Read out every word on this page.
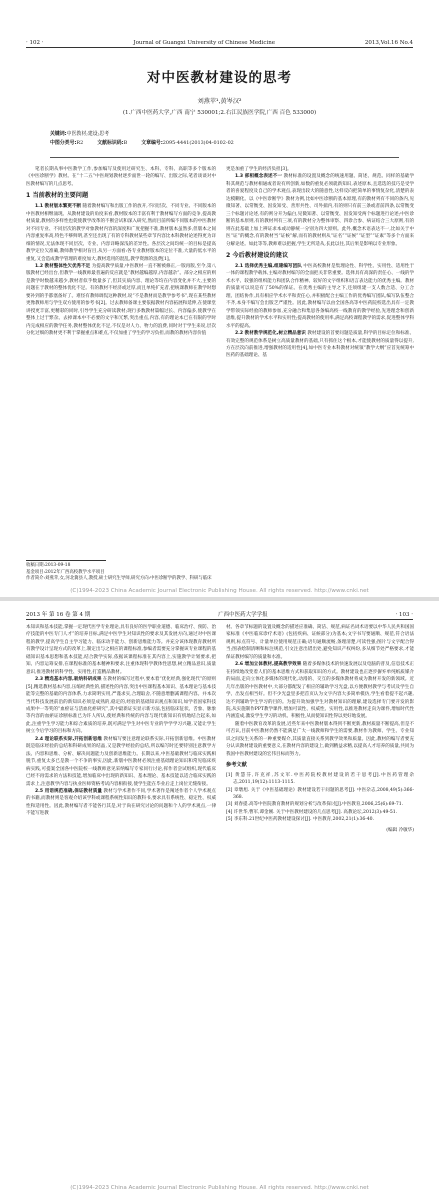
· 102 ·	Journal of Guangxi University of Chinese Medicine	2013,Vol.16 No.4
对中医教材建设的思考
刘燕苹¹,黄岑汉²
(1.广西中医药大学,广西 南宁 530001;2.右江民族医学院,广西 百色 533000)
关键词:中医教材;建设;思考
中图分类号:R2	文献标识码:B	文章编号:2095-4441(2013)04-0102-02

笔者长期从事中医教学工作,参加编写及使用过研究生、本科、专科、高职等多个版本的《中医诊断学》教材。在“十二五”中医规划教材逐步面世一轮的编写、出版之际,笔者谈谈对中医教材编写的几点思考。

1 当前教材的主要问题

1.1 教材版本繁更不断 随着教材编写和出版工作的放开,不同层次、不同专业、不同版本的中医教材相继涌现。从教材建设的角度来看,教材版本的丰富有利于教材编写方面的竞争,提高教材质量,教材的多样性也促使教学改革的不断尝试和深入研究,然而目前所编不同版本的中医教材对不同专业、不同层次的教学对象教材内容的深度和广度把握不准,教材版本虽然多,但版本之间内容重复率高,特色不够鲜明,甚至还出现了有的专科教材某些章节内容比本科教材论述得更为详细的情况,无法体现不同层次、专业、内容详略深浅的差异性。各层次之间均统一的目标是提高教学定位欠准确,教师教学相对盲目,从另一方面看:各专业教材版本的定位不准,大量的低水平的重复,又会造成教学管理的难度加大,教材选用的混乱,教学资源的浪费[1]。

1.2 教材整体性欠优秀不足 为提高教学质量,中医教材一直不断被修正,一版再版,至今,第八版教材已经出台,但教学一线教师最普遍的反应就是“教材越编越厚,内容越杂”。部分之相应的则是教学时数越来越少,教材者似乎数量多了,但其实质内容、理论等均在内容变化并不大,主要的问题在于教材的整体优化不足。有的教材不经济或过厚,而且单纯扩充者,把统课教师在教学时想要补到的手都塞备好了。难怪有教师调侃这种教材,说“不是教材而是教学参考书”,现在某些教材更像教师用与学生双方使用的参考书[2]。过去教师备课主要依据教材内容拓展和延伸,在使课堂讲授更丰富,更精彩的同时,引导学生充分研读教材;现行多数教材篇幅过长、内容偏多,使教学在整体上过于繁杂。去掉课本中不必要的文字和冗繁,突出重点,内容,有的理论本已在有限的学时内完成相应的教学任务,教材整体优化不足,不仅是对人力、物力的浪费,同时对于学生来说,层次分化过细的教材更不利于掌握重点和难点,不仅加重了学生的学习负担,而教的教材内容价值

更是加重了学生的经济负担[3]。

1.3 部相概念表述不一 教材标准的设置及概念的统速用题、简述、规范。同样的基础学科其规范与教材相通或者说有所创新,如数的重复必须就新知识,表述原本,且选选的技巧是受学者的喜爱程度及自己的学术观点,表现出较大的随意性,这样反向把简单的事情复杂化,清楚的表达模糊化。以《中医诊断学》教材为例,比如中医诊断的基本原理,有的教材列有不同的条内,见微知著、以常衡变、因发知受、善形共性、司外揣内,有的则只有前三条或者前四条,以常衡变三个标题讨论述,有的则分开为偏白,见微知著、以常衡变、因发知受两个标题进行论述;中医诊断的基本原则,有的教材列有三项,有的教材分为整体审察、四诊合参、病证结合三大原则,有的则在此基础上加上辨证求本或动静统一分别为四大原则。此外,概念术语表达不一,比如关于中医“证”的概念,有的教材当“证候”解,而有的教材则从“证名”“证候”“证型”“证素”等多个方面来分解论述。如此等等,教师难以把握,学生无所适从,长此以往,其后果是影响以专业形象。

2 今后教材建设的建议

2.1 选择优秀主编,组建编写团队 中医高校教材是集理论性、科学性、实用性、适用性于一体的课程教学载体,主编对教材编写的全面把关非常重要。选择具有高深的责任心、一线的学术水平、较强的组织能力和团队合作精神、较好的文字组织和语言表达能力的优秀主编。教材的质量可以说是有了50%的保证。在优秀主编的主导之下,还须组建一支人数合适、分工合理、团结协作,具有相应学术水平和责任心,并积极配合主编工作的优秀编写团队,编写队伍整合不齐,本身不编写会出版乏严谨性。因此,教材编写以由全国各高等中医药院校选出具有一定教学带领实际经验的教师参加,充分融合和集思各条编高校一线教育的教学经验,先进理念和创新思维,提升教材的学术水平和实用性;提高教材的使用率,满足高校课程教学的需求,促进整体学科水平的提高。

2.2 教材教学规范化,树立精品意识 教材建设的首要问题是质量,科学的目标定位和标准、有效完整的规范体系是树立高质量教材的基础,只有抓住这个根本,才能使教材的质量得以提升,方在层次向前推进,增强教材的适用性[4],如中医专业本科教材对统领“教学大纲”应首先统筹中医药的基础理论、基

收稿日期:2013-09-18
基金项目:2012年广西高校教学水平项目
作者简介:刘燕苹,女,河北冀县人,教授,硕士研究生导师,研究方向:中医诊断学的教学、科研与临床
(C)1994-2023 China Academic Journal Electronic Publishing House. All rights reserved. http://www.cnki.net
2013 年 第 16 卷 第 4 期	广西中医药大学学报	· 103 ·

本知识和基本技能,掌握一定现代医学专业理论,具有良好的医学职业道德、临床治疗、预防、治疗技能的中医专门人才”的培养目标,满足中医学生对知识性的要求及其发展方向,通过对中医课程的教学,提高学生自主学习能力、临床动手能力、创新思维能力等。并充分该体现教育教材所有教学设计呈现方式的改革上,制定出与之相应的课程标准,参编者需要充分掌握该专业课程的基础知识基本思想和基本技能,结合教学实际,依据该课程标准在其内容上,实施教学计划要求,把知、内容运筹安排,在课程标准的基本精神和要求,注重体现科学教体性思想,树立精品意识,质量意识,推进教材的科学性、实用性,打造精品教材。

2.3 精选基本内容,吸纳科研成果 在教材的编写过程中,要本着“优化经典,强化现代”的原则[5],精选教材基本内容,压缩经典性的,描述性的内容,突出中医课程基本知识、基本理论与基本技能等完整的基础的内容体系,力求简明实用,严谨求实,合理取舍,不随意增删减课程内容。并本次当代科技发展前沿的新知识必须是成熟的,稳定的,经验的基础知识观点和知识,如学者国家科技成果中一等奖的“血瘀证与活血化瘀研究”,其中最新证实显示新方法,包括临床征状、舌象、脉象等内容的血瘀证诊断标准已为许人所认,使经典和传统的内容与现代新知识有机地结合起来,如此,注重学生学习能力和综合素质的培养,既可满足学生对中医专业的学学学习兴趣,又能让学生树立今后学习的目标和方向。

2.4 理论联系实际,开拓创新思维 教材编写要注意理论联系实际,开拓创新思维。中医教材既是临床经验的总结和科研成果的结晶,又是教学经验的总结,所以编写时还要特别注意教学方法、内容和思维、分析、解决问题能力及创新思维能力。长期以来,中医基础教材与临床实践相脱节,重复太多已是教一个不争的事实,因此,新版中医教材必须注重基础理论知识和常见临床疾病实践,可提案全国各中医院校一线教师意见采纳编写专家同行讨论,挥作者尝试组织,现代临床已经不再需求的方法和技能,增加临床中出现的新知识、基本理论、基本技能以适合临床实践的需求上,注意教学内容与执业医师资格考试内容相衔接,使学生能在毕业后走上岗位无缝衔接。

2.5 用语规范准确,保证教材质量 教材与学术著作不同,学术著作是阐述作者个人学术观点的书籍,而教材则是客观介绍该学科或课程系统性知识的教科书,要求具有系统性、稳定性、权威性和适用性。因此,教材编写者不能各行其是,对于尚在研究讨论的问题和个人的学术观点,一律不能写进教

材。各章节标题的设置及概念的描述应准确、简洁、规范,病证名词术语要以中华人民共和国国家标准《中医临床诊疗术语》(包括疾病、证候部分)为基本;文字书写要通顺、规范,符合语法规则,标点符号、计量单位使用规范正确;语句通顺流畅,条理清楚,可读性强;图片与文字配合得当;图表绘制清晰和标注规范,引文注意出错出处,避免知识产权纠纷,多从细节处严格要求,才能保证教材编写的质量和水准。

2.6 增加立体教材,提高教学效果 随着多媒体技术的快速发展以及电脑的普及,信息技术正在持续地改变着人们的基本思维方式和获取知识的方式。教材建设也正逐步摒弃单纯纸质媒介的局面,走向立体化多媒体的现代化,动漫的、交互的多媒体教材将成为教材开发的新领域。近几年出版的中医教材中,大部分都配发了相应的辅助学习光盘,以方便教材教学与考试及学生自学、出发点相当好。但不少光盘里多把首页认为文字内容大多简单模仿,学生看着提不起兴趣,达不到辅助学生学习的目的。为提升效加强学生对教材知识的理解,建设选择专门要开发的影院,从实施制作PPT教学课件,增加可读性、权威性、实用性,以推进教材走向为课件,增加时代性内涵造成,激发学生学习的动机、积极性,从而使知识性得以更好地发展。

随着中医教育改革的发展,近些年来中医教材版本得到不断更新,教材质量不断提高,但是不可否认,目前中医教材仍然不能满足广大一线教师和学生的需要,教材作为教师、学生、专业知识之间发生关系的一种重要媒介,其质量直接关系到教学效果和质量。因此,教材的编写者要充分认识教材建设的重要意义,在教材内容的建设上,做到精益求精,以提高人才培养的质量,共同为我国中医教材建设的宏伟目标而努力。

参考文献

[1] 黄慧芬,许克祥,苏文军.中医药院校教材建设的若干思考[J].中医药管理杂志,2011,19(12):1113-1115.

[2] 章墩旭. 关于《中医基础理论》教材建设若干问题的思考[J]. 中医杂志,2008,49(5):366-368.

[3] 刘春提.高等中医院教育教材的规划分析与改革探讨[J].中医教育,2006,25(6):69-71.

[4] 许世华,曹军,谭金刚. 关于中医教材建设的几点思考[J]. 高教论坛,2012(3):49-51.

[5] 李东科.21世纪中医药教材建设探讨[J]. 中医教育,2002,21(1):36-40.

(编辑 冷敏华)

(C)1994-2023 China Academic Journal Electronic Publishing House. All rights reserved. http://www.cnki.net
